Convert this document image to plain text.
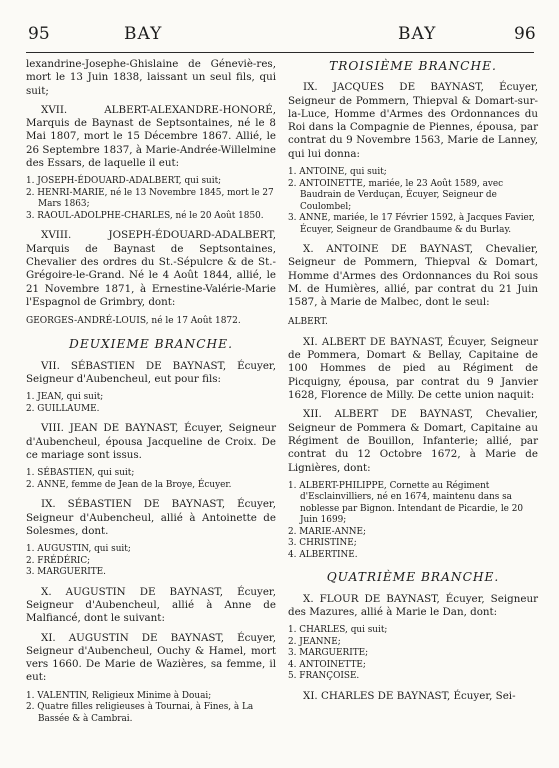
95	BAY	BAY	96

lexandrine-Josephe-Ghislaine de Géneviè-res, mort le 13 Juin 1838, laissant un seul fils, qui suit;

XVII. ALBERT-ALEXANDRE-HONORÉ, Marquis de Baynast de Septsontaines, né le 8 Mai 1807, mort le 15 Décembre 1867. Allié, le 26 Septembre 1837, à Marie-Andrée-Willelmine des Essars, de laquelle il eut:

1. JOSEPH-ÉDOUARD-ADALBERT, qui suit;
2. HENRI-MARIE, né le 13 Novembre 1845, mort le 27 Mars 1863;
3. RAOUL-ADOLPHE-CHARLES, né le 20 Août 1850.

XVIII. JOSEPH-ÉDOUARD-ADALBERT, Marquis de Baynast de Septsontaines, Chevalier des ordres du St.-Sépulcre & de St.-Grégoire-le-Grand. Né le 4 Août 1844, allié, le 21 Novembre 1871, à Ernestine-Valérie-Marie l'Espagnol de Grimbry, dont:

GEORGES-ANDRÉ-LOUIS, né le 17 Août 1872.

DEUXIEME BRANCHE.

VII. SÉBASTIEN DE BAYNAST, Écuyer, Seigneur d'Aubencheul, eut pour fils:

1. JEAN, qui suit;
2. GUILLAUME.

VIII. JEAN DE BAYNAST, Écuyer, Seigneur d'Aubencheul, épousa Jacqueline de Croix. De ce mariage sont issus.

1. SÉBASTIEN, qui suit;
2. ANNE, femme de Jean de la Broye, Écuyer.

IX. SÉBASTIEN DE BAYNAST, Écuyer, Seigneur d'Aubencheul, allié à Antoinette de Solesmes, dont.

1. AUGUSTIN, qui suit;
2. FRÉDÉRIC;
3. MARGUERITE.

X. AUGUSTIN DE BAYNAST, Écuyer, Seigneur d'Aubencheul, allié à Anne de Malfiancé, dont le suivant:

XI. AUGUSTIN DE BAYNAST, Écuyer, Seigneur d'Aubencheul, Ouchy & Hamel, mort vers 1660. De Marie de Wazières, sa femme, il eut:

1. VALENTIN, Religieux Minime à Douai;
2. Quatre filles religieuses à Tournai, à Fines, à La Bassée & à Cambrai.
TROISIÈME BRANCHE.

IX. JACQUES DE BAYNAST, Écuyer, Seigneur de Pommern, Thiepval & Domart-sur-la-Luce, Homme d'Armes des Ordonnances du Roi dans la Compagnie de Piennes, épousa, par contrat du 9 Novembre 1563, Marie de Lanney, qui lui donna:

1. ANTOINE, qui suit;
2. ANTOINETTE, mariée, le 23 Août 1589, avec Baudrain de Verduçan, Écuyer, Seigneur de Coulombel;
3. ANNE, mariée, le 17 Février 1592, à Jacques Favier, Écuyer, Seigneur de Grandbaume & du Burlay.

X. ANTOINE DE BAYNAST, Chevalier, Seigneur de Pommern, Thiepval & Domart, Homme d'Armes des Ordonnances du Roi sous M. de Humières, allié, par contrat du 21 Juin 1587, à Marie de Malbec, dont le seul:

ALBERT.

XI. ALBERT DE BAYNAST, Écuyer, Seigneur de Pommera, Domart & Bellay, Capitaine de 100 Hommes de pied au Régiment de Picquigny, épousa, par contrat du 9 Janvier 1628, Florence de Milly. De cette union naquit:

XII. ALBERT DE BAYNAST, Chevalier, Seigneur de Pommera & Domart, Capitaine au Régiment de Bouillon, Infanterie; allié, par contrat du 12 Octobre 1672, à Marie de Lignières, dont:

1. ALBERT-PHILIPPE, Cornette au Régiment d'Esclainvilliers, né en 1674, maintenu dans sa noblesse par Bignon. Intendant de Picardie, le 20 Juin 1699;
2. MARIE-ANNE;
3. CHRISTINE;
4. ALBERTINE.
QUATRIÈME BRANCHE.

X. FLOUR DE BAYNAST, Écuyer, Seigneur des Mazures, allié à Marie le Dan, dont:

1. CHARLES, qui suit;
2. JEANNE;
3. MARGUERITE;
4. ANTOINETTE;
5. FRANÇOISE.

XI. CHARLES DE BAYNAST, Écuyer, Sei-
